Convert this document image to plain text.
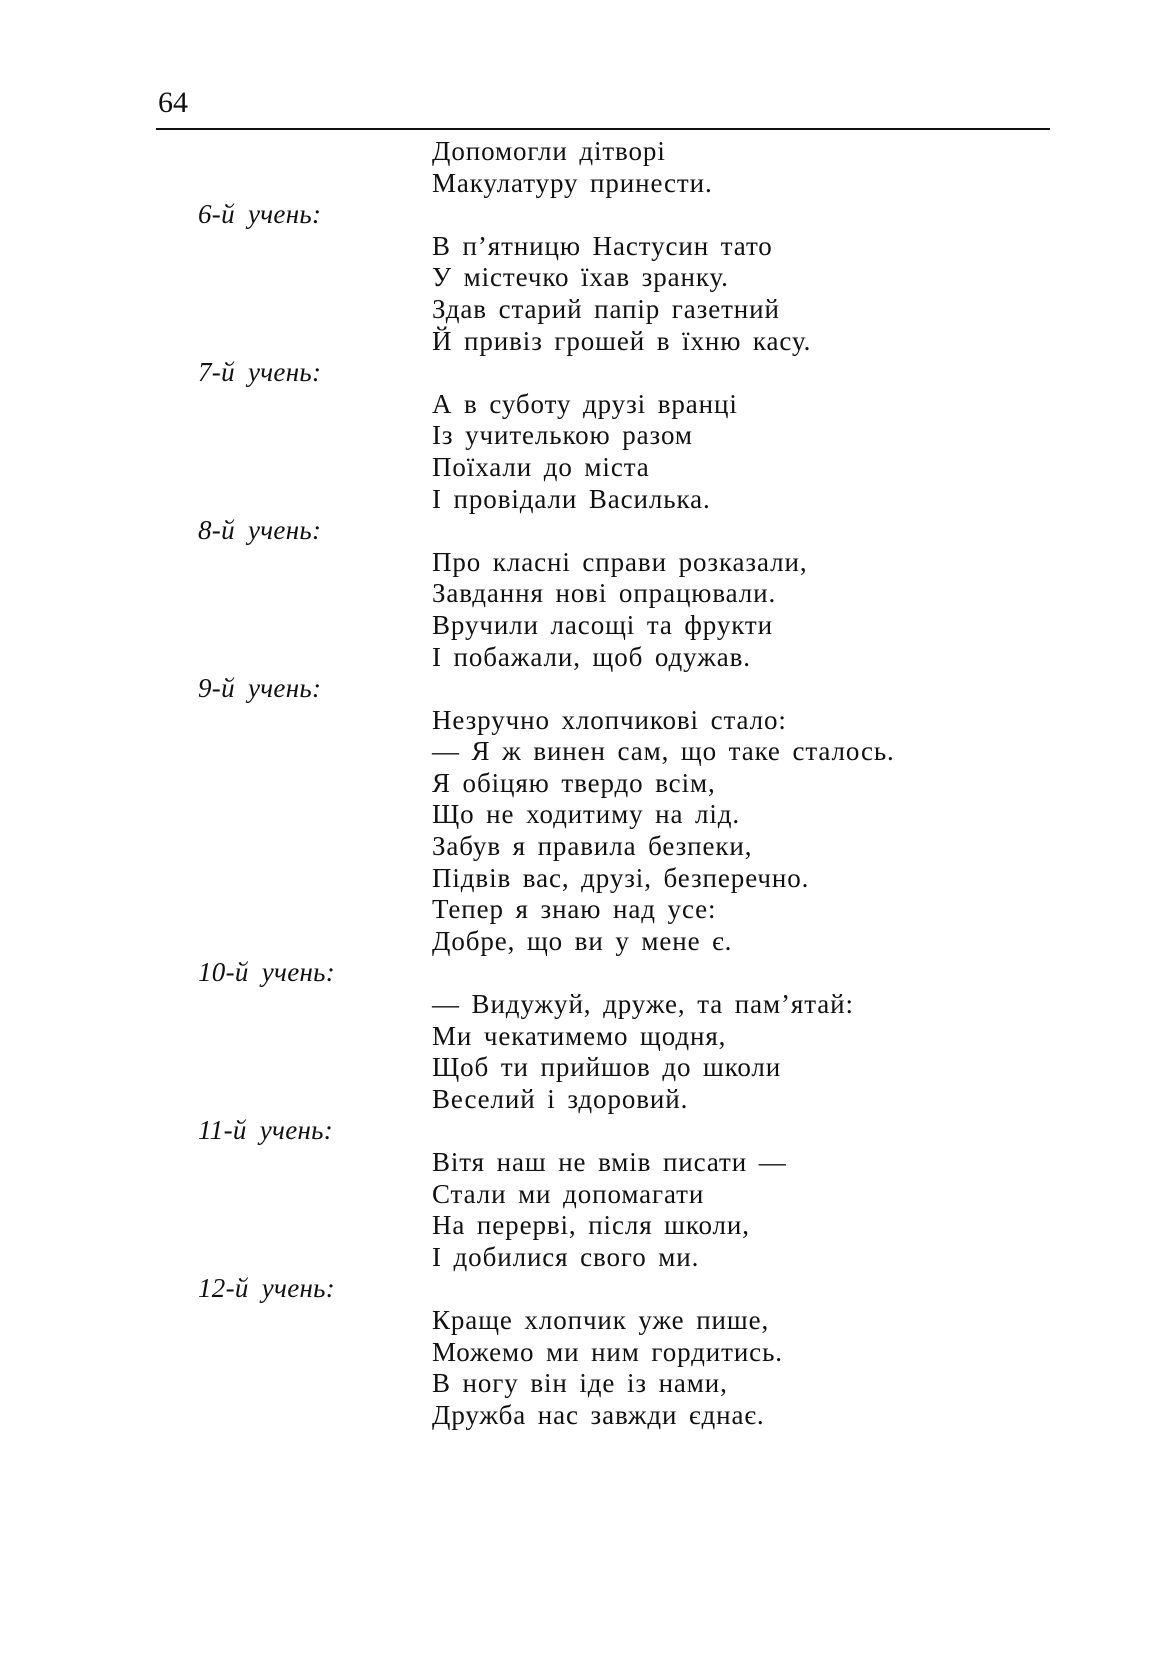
64
Допомогли дітворі
Макулатуру принести.
6-й учень:
В п’ятницю Настусин тато
У містечко їхав зранку.
Здав старий папір газетний
Й привіз грошей в їхню касу.
7-й учень:
А в суботу друзі вранці
Із учителькою разом
Поїхали до міста
І провідали Василька.
8-й учень:
Про класні справи розказали,
Завдання нові опрацювали.
Вручили ласощі та фрукти
І побажали, щоб одужав.
9-й учень:
Незручно хлопчикові стало:
— Я ж винен сам, що таке сталось.
Я обіцяю твердо всім,
Що не ходитиму на лід.
Забув я правила безпеки,
Підвів вас, друзі, безперечно.
Тепер я знаю над усе:
Добре, що ви у мене є.
10-й учень:
— Видужуй, друже, та пам’ятай:
Ми чекатимемо щодня,
Щоб ти прийшов до школи
Веселий і здоровий.
11-й учень:
Вітя наш не вмів писати —
Стали ми допомагати
На перерві, після школи,
І добилися свого ми.
12-й учень:
Краще хлопчик уже пише,
Можемо ми ним гордитись.
В ногу він іде із нами,
Дружба нас завжди єднає.
